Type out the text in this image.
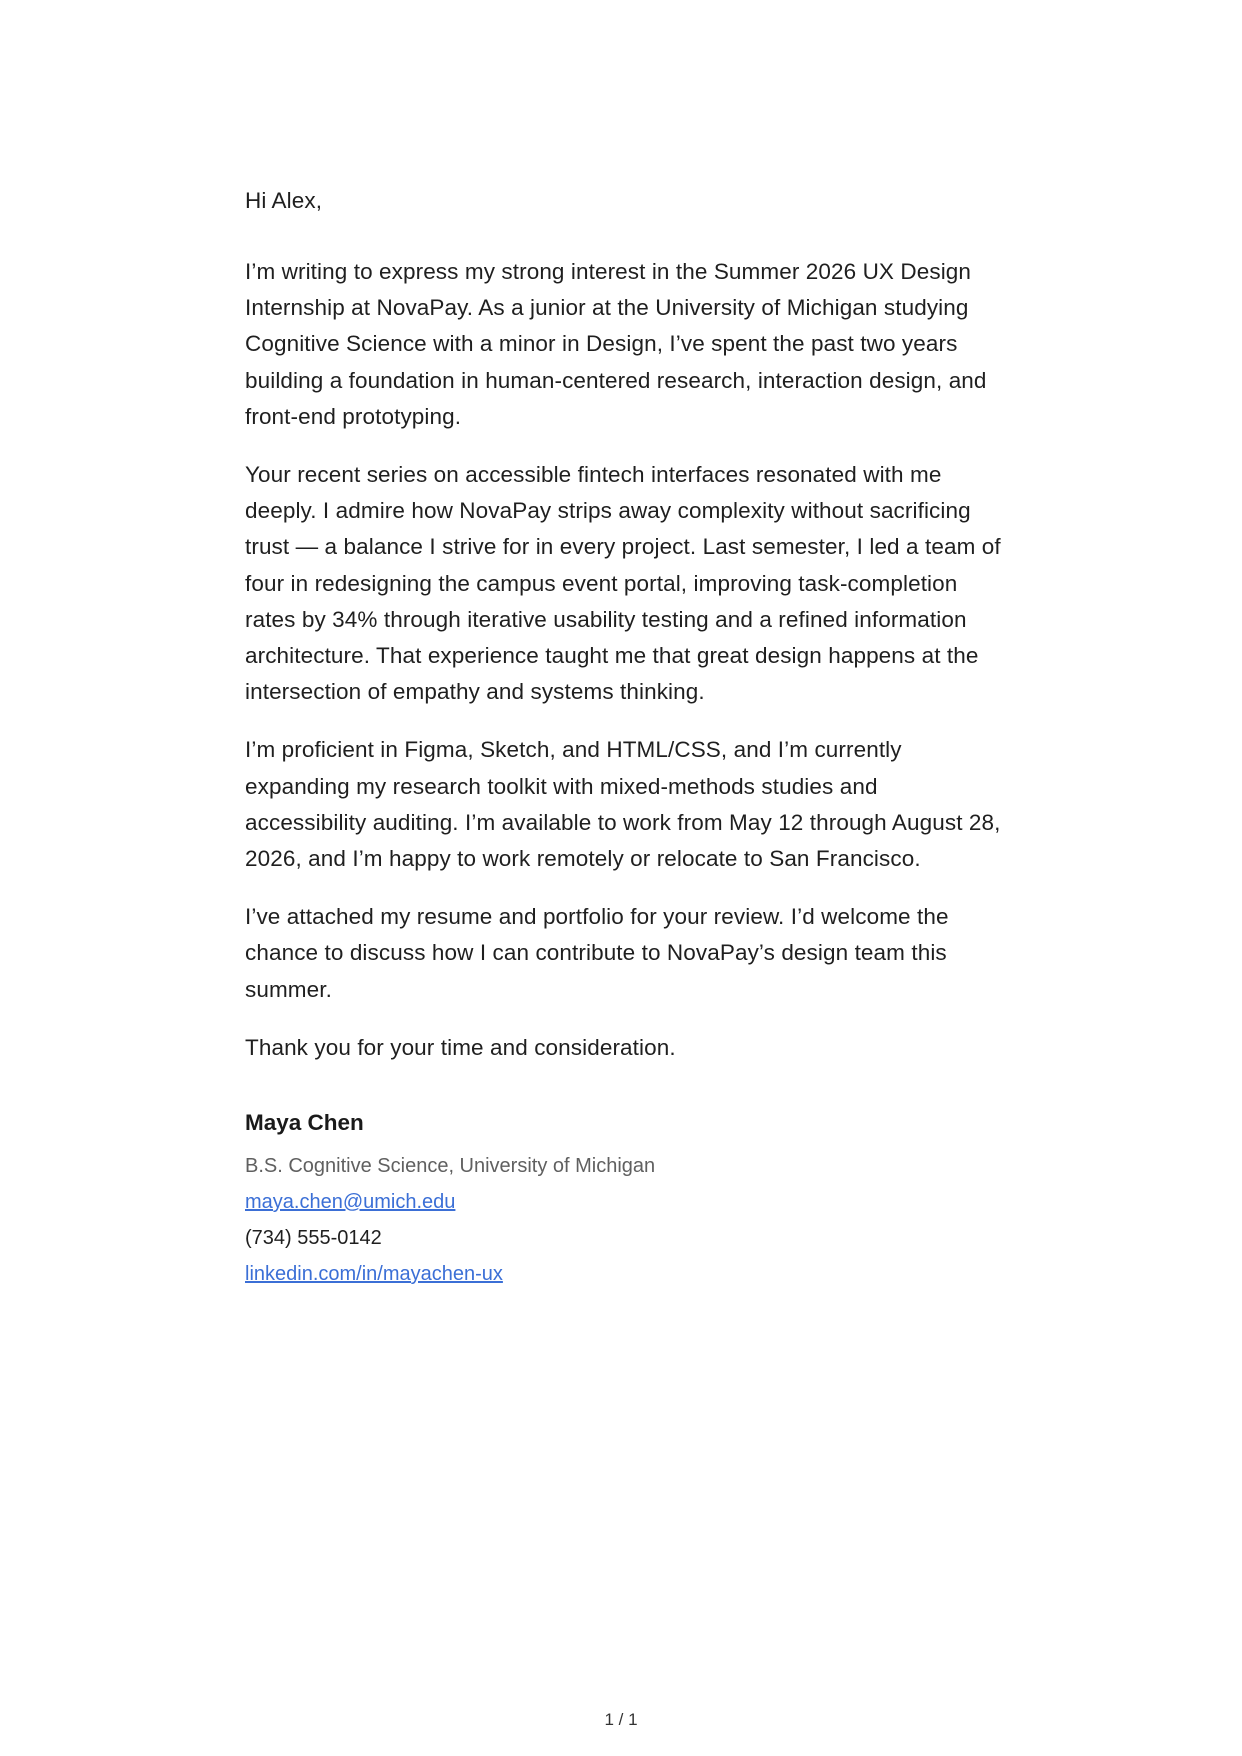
Hi Alex,

I’m writing to express my strong interest in the Summer 2026 UX Design Internship at NovaPay. As a junior at the University of Michigan studying Cognitive Science with a minor in Design, I’ve spent the past two years building a foundation in human-centered research, interaction design, and front-end prototyping.

Your recent series on accessible fintech interfaces resonated with me deeply. I admire how NovaPay strips away complexity without sacrificing trust — a balance I strive for in every project. Last semester, I led a team of four in redesigning the campus event portal, improving task-completion rates by 34% through iterative usability testing and a refined information architecture. That experience taught me that great design happens at the intersection of empathy and systems thinking.

I’m proficient in Figma, Sketch, and HTML/CSS, and I’m currently expanding my research toolkit with mixed-methods studies and accessibility auditing. I’m available to work from May 12 through August 28, 2026, and I’m happy to work remotely or relocate to San Francisco.

I’ve attached my resume and portfolio for your review. I’d welcome the chance to discuss how I can contribute to NovaPay’s design team this summer.

Thank you for your time and consideration.

Maya Chen

B.S. Cognitive Science, University of Michigan

maya.chen@umich.edu

(734) 555-0142

linkedin.com/in/mayachen-ux

1 / 1
